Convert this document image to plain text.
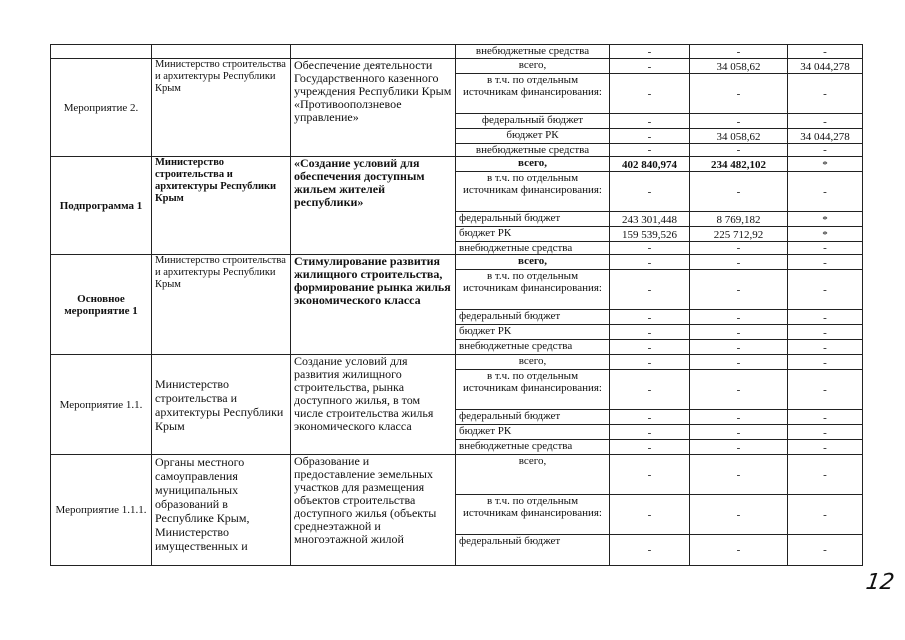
			внебюджетные средства	-	-	-
Мероприятие 2.	Министерство строительства и архитектуры Республики Крым	Обеспечение деятельности Государственного казенного учреждения Республики Крым «Противооползневое управление»	всего,	-	34 058,62	34 044,278
			в т.ч. по отдельным источникам финансирования:	-	-	-
			федеральный бюджет	-	-	-
			бюджет РК	-	34 058,62	34 044,278
			внебюджетные средства	-	-	-
Подпрограмма 1	Министерство строительства и архитектуры Республики Крым	«Создание условий для обеспечения доступным жильем жителей республики»	всего,	402 840,974	234 482,102	*
			в т.ч. по отдельным источникам финансирования:	-	-	-
			федеральный бюджет	243 301,448	8 769,182	*
			бюджет РК	159 539,526	225 712,92	*
			внебюджетные средства	-	-	-
Основное мероприятие 1	Министерство строительства и архитектуры Республики Крым	Стимулирование развития жилищного строительства, формирование рынка жилья экономического класса	всего,	-	-	-
			в т.ч. по отдельным источникам финансирования:	-	-	-
			федеральный бюджет	-	-	-
			бюджет РК	-	-	-
			внебюджетные средства	-	-	-
Мероприятие 1.1.	Министерство строительства и архитектуры Республики Крым	Создание условий для развития жилищного строительства, рынка доступного жилья, в том числе строительства жилья экономического класса	всего,	-	-	-
			в т.ч. по отдельным источникам финансирования:	-	-	-
			федеральный бюджет	-	-	-
			бюджет РК	-	-	-
			внебюджетные средства	-	-	-
Мероприятие 1.1.1.	Органы местного самоуправления муниципальных образований в Республике Крым, Министерство имущественных и	Образование и предоставление земельных участков для размещения объектов строительства доступного жилья (объекты среднеэтажной и многоэтажной жилой	всего,	-	-	-
			в т.ч. по отдельным источникам финансирования:	-	-	-
			федеральный бюджет	-	-	-
12
